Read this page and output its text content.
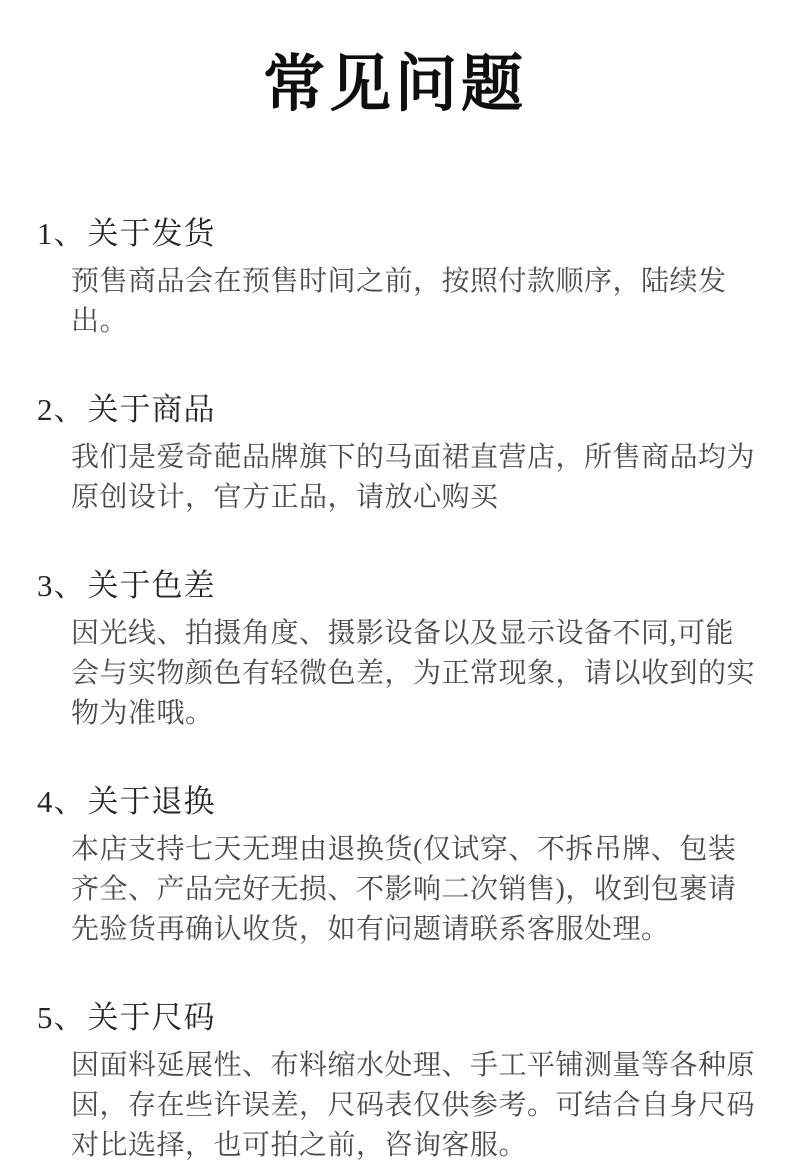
常见问题
1、关于发货

预售商品会在预售时间之前，按照付款顺序，陆续发出。

2、关于商品

我们是爱奇葩品牌旗下的马面裙直营店，所售商品均为原创设计，官方正品，请放心购买

3、关于色差

因光线、拍摄角度、摄影设备以及显示设备不同,可能会与实物颜色有轻微色差，为正常现象，请以收到的实物为准哦。

4、关于退换

本店支持七天无理由退换货(仅试穿、不拆吊牌、包装齐全、产品完好无损、不影响二次销售)，收到包裹请先验货再确认收货，如有问题请联系客服处理。

5、关于尺码

因面料延展性、布料缩水处理、手工平铺测量等各种原因，存在些许误差，尺码表仅供参考。可结合自身尺码对比选择，也可拍之前，咨询客服。
